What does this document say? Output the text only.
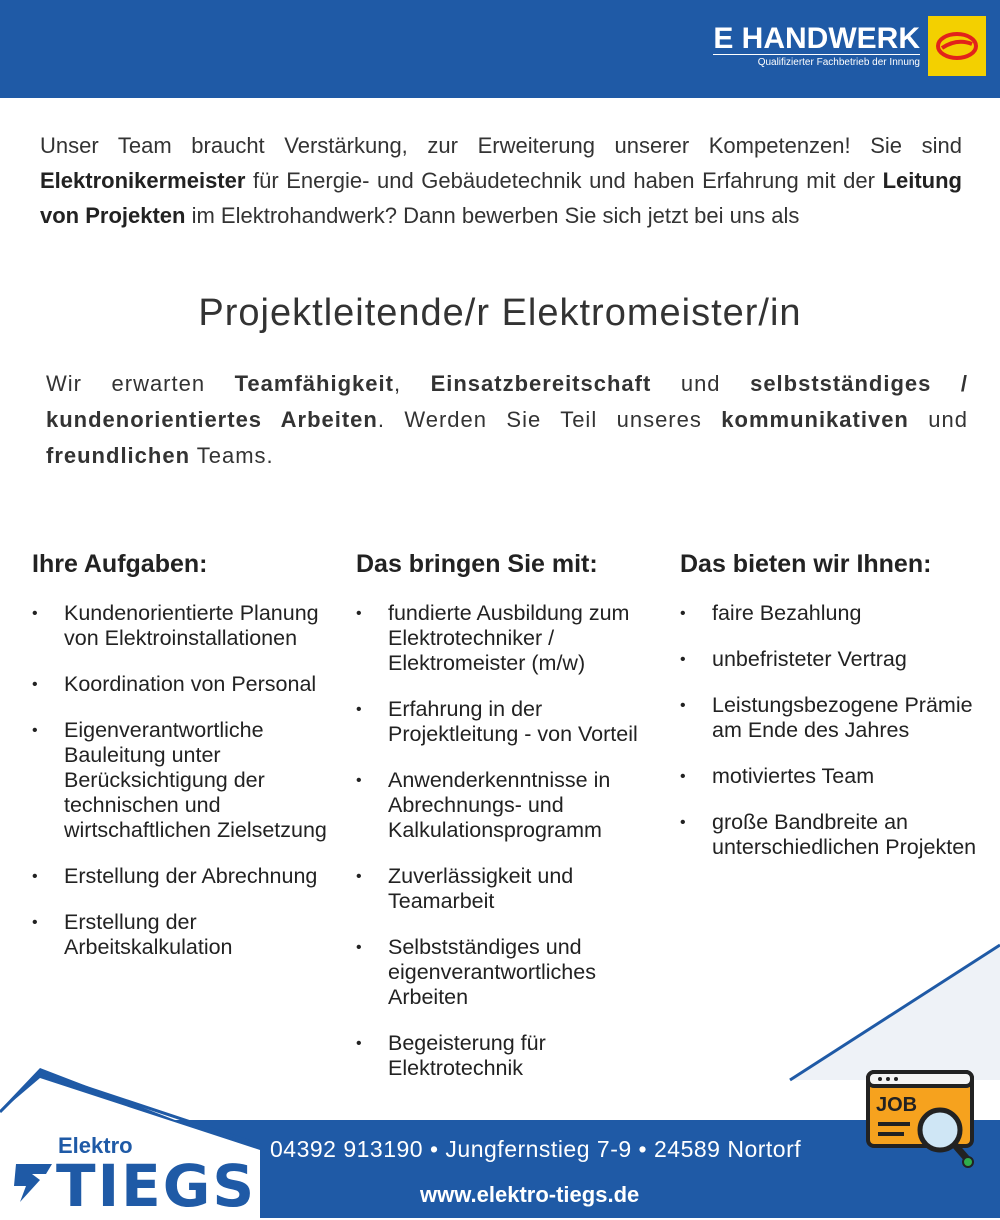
E HANDWERK
Qualifizierter Fachbetrieb der Innung
Unser Team braucht Verstärkung, zur Erweiterung unserer Kompetenzen! Sie sind Elektronikermeister für Energie- und Gebäudetechnik und haben Erfahrung mit der Leitung von Projekten im Elektrohandwerk? Dann bewerben Sie sich jetzt bei uns als
Projektleitende/r Elektromeister/in
Wir erwarten Teamfähigkeit, Einsatzbereitschaft und selbstständiges / kundenorientiertes Arbeiten. Werden Sie Teil unseres kommunikativen und freundlichen Teams.
Ihre Aufgaben:
• Kundenorientierte Planung von Elektroinstallationen
• Koordination von Personal
• Eigenverantwortliche Bauleitung unter Berücksichtigung der technischen und wirtschaftlichen Zielsetzung
• Erstellung der Abrechnung
• Erstellung der Arbeitskalkulation
Das bringen Sie mit:
• fundierte Ausbildung zum Elektrotechniker / Elektromeister (m/w)
• Erfahrung in der Projektleitung - von Vorteil
• Anwenderkenntnisse in Abrechnungs- und Kalkulationsprogramm
• Zuverlässigkeit und Teamarbeit
• Selbstständiges und eigenverantwortliches Arbeiten
• Begeisterung für Elektrotechnik
Das bieten wir Ihnen:
• faire Bezahlung
• unbefristeter Vertrag
• Leistungsbezogene Prämie am Ende des Jahres
• motiviertes Team
• große Bandbreite an unterschiedlichen Projekten
Elektro
TIEGS
04392 913190 • Jungfernstieg 7-9 • 24589 Nortorf
www.elektro-tiegs.de
JOB
